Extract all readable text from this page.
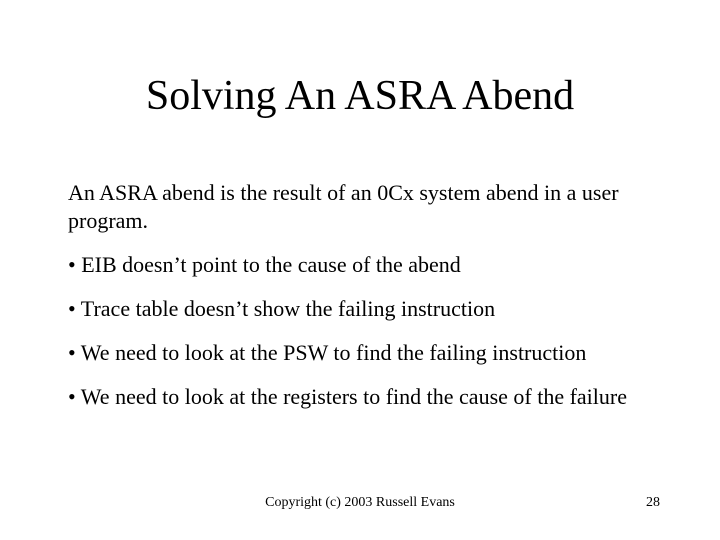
Solving An ASRA Abend

An ASRA abend is the result of an 0Cx system abend in a user program.

• EIB doesn’t point to the cause of the abend

• Trace table doesn’t show the failing instruction

• We need to look at the PSW to find the failing instruction

• We need to look at the registers to find the cause of the failure

Copyright (c) 2003 Russell Evans	28
